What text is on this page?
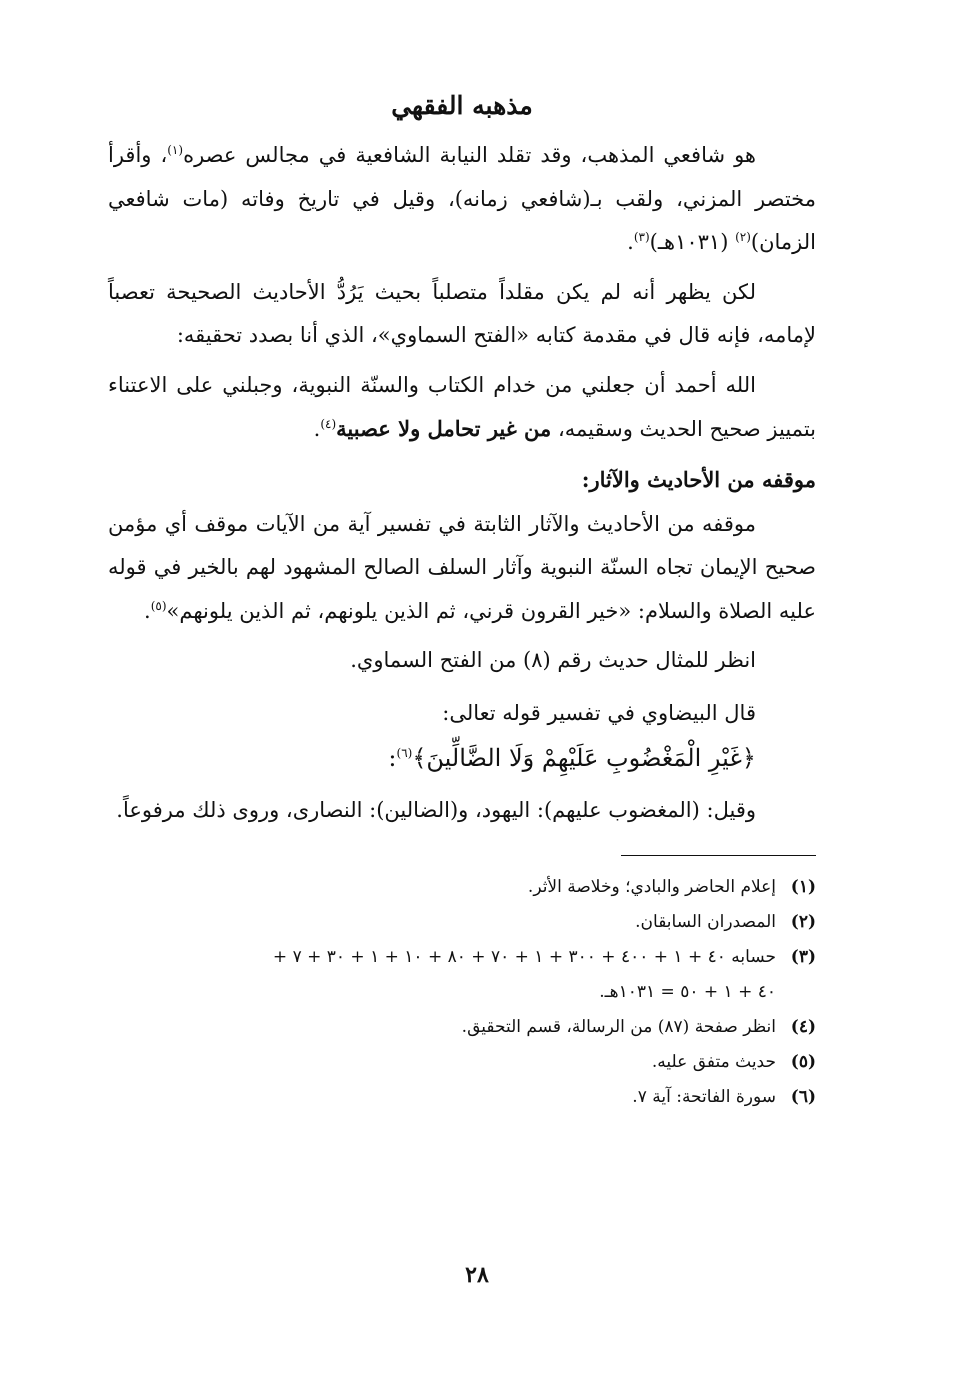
مذهبه الفقهي

هو شافعي المذهب، وقد تقلد النيابة الشافعية في مجالس عصره$^{(١)}$، وأقرأ مختصر المزني، ولقب بـ(شافعي زمانه)، وقيل في تاريخ وفاته (مات شافعي الزمان)$^{(٢)}$ (١٠٣١هـ)$^{(٣)}$.

لكن يظهر أنه لم يكن مقلداً متصلباً بحيث يَرُدُّ الأحاديث الصحيحة تعصباً لإمامه، فإنه قال في مقدمة كتابه «الفتح السماوي»، الذي أنا بصدد تحقيقه:

الله أحمد أن جعلني من خدام الكتاب والسنّة النبوية، وجبلني على الاعتناء بتمييز صحيح الحديث وسقيمه، من غير تحامل ولا عصبية$^{(٤)}$.

موقفه من الأحاديث والآثار:

موقفه من الأحاديث والآثار الثابتة في تفسير آية من الآيات موقف أي مؤمن صحيح الإيمان تجاه السنّة النبوية وآثار السلف الصالح المشهود لهم بالخير في قوله عليه الصلاة والسلام: «خير القرون قرني، ثم الذين يلونهم، ثم الذين يلونهم»$^{(٥)}$.

انظر للمثال حديث رقم (٨) من الفتح السماوي.
قال البيضاوي في تفسير قوله تعالى:
﴿غَيْرِ الْمَغْضُوبِ عَلَيْهِمْ وَلَا الضَّالِّينَ﴾$^{(٦)}$:

وقيل: (المغضوب عليهم): اليهود، و(الضالين): النصارى، وروى ذلك مرفوعاً.

(١)
إعلام الحاضر والبادي؛ وخلاصة الأثر.
(٢)
المصدران السابقان.
(٣)
حسابه ٤٠ + ١ + ٤٠٠ + ٣٠٠ + ١ + ٧٠ + ٨٠ + ١٠ + ١ + ٣٠ + ٧ +
٤٠ + ١ + ٥٠ = ١٠٣١هـ.
(٤)
انظر صفحة (٨٧) من الرسالة، قسم التحقيق.
(٥)
حديث متفق عليه.
(٦)
سورة الفاتحة: آية ٧.
٢٨
